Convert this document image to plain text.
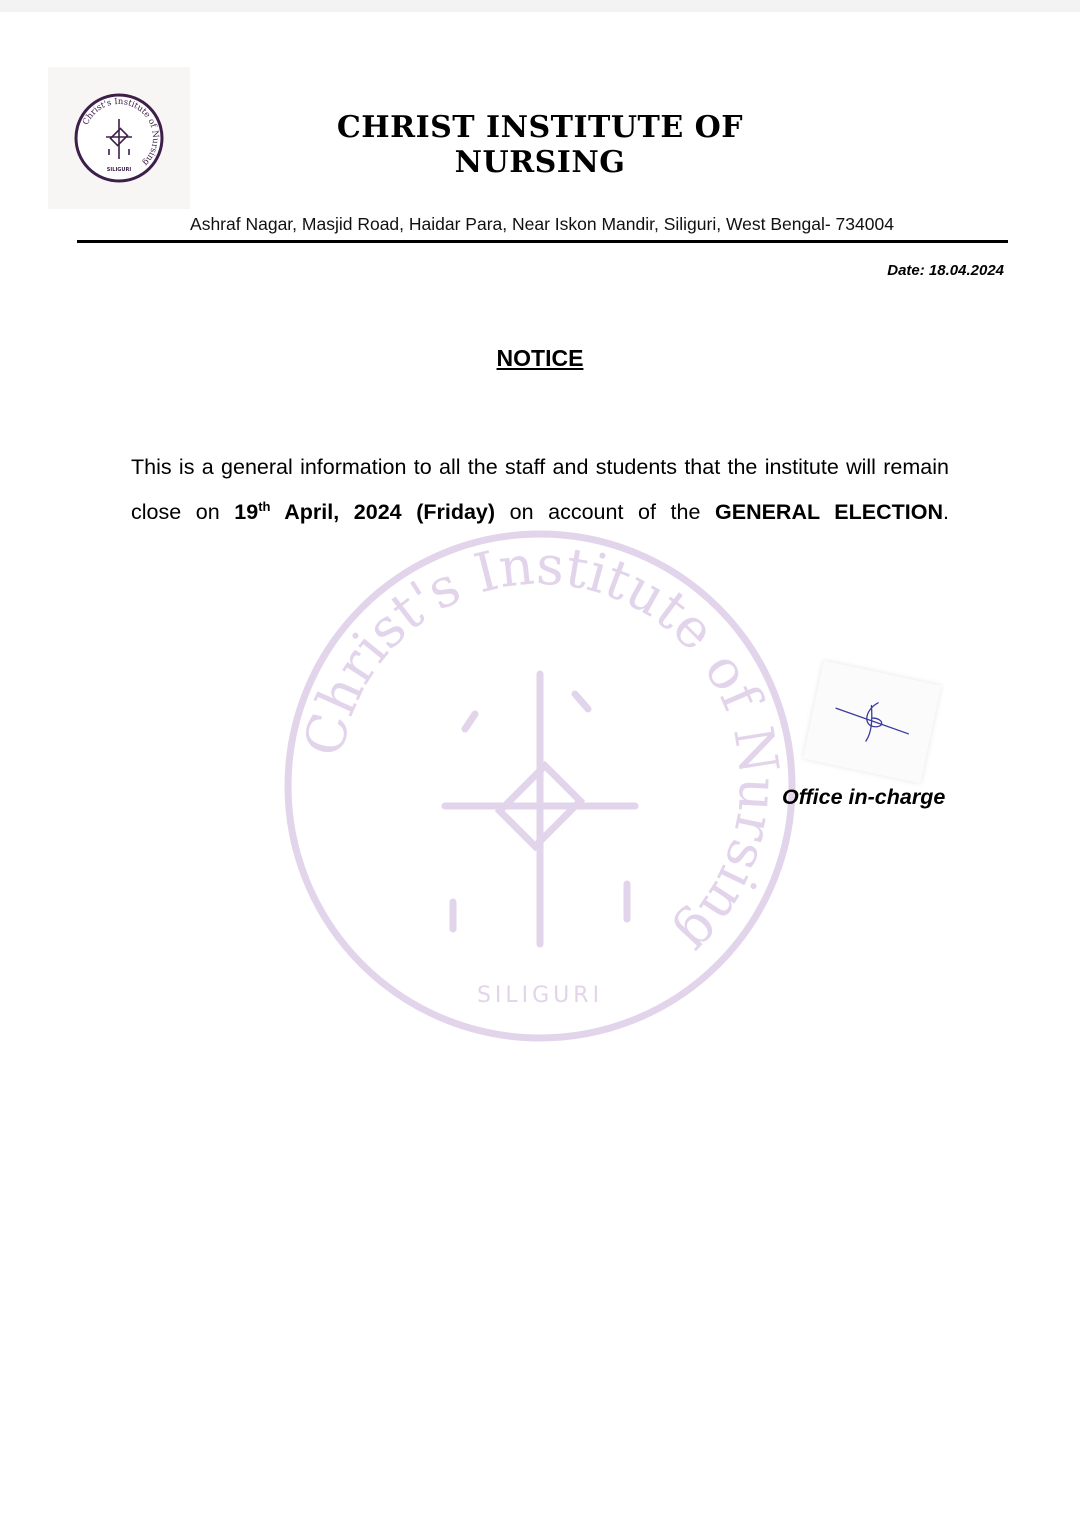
Christ's Institute of Nursing
SILIGURI
CHRIST INSTITUTE OF NURSING
Ashraf Nagar, Masjid Road, Haidar Para, Near Iskon Mandir, Siliguri, West Bengal- 734004
Date: 18.04.2024
NOTICE
Christ's Institute of Nursing
SILIGURI
This is a general information to all the staff and students that the institute will remain close on 19th April, 2024 (Friday) on account of the GENERAL ELECTION.
Office in-charge
